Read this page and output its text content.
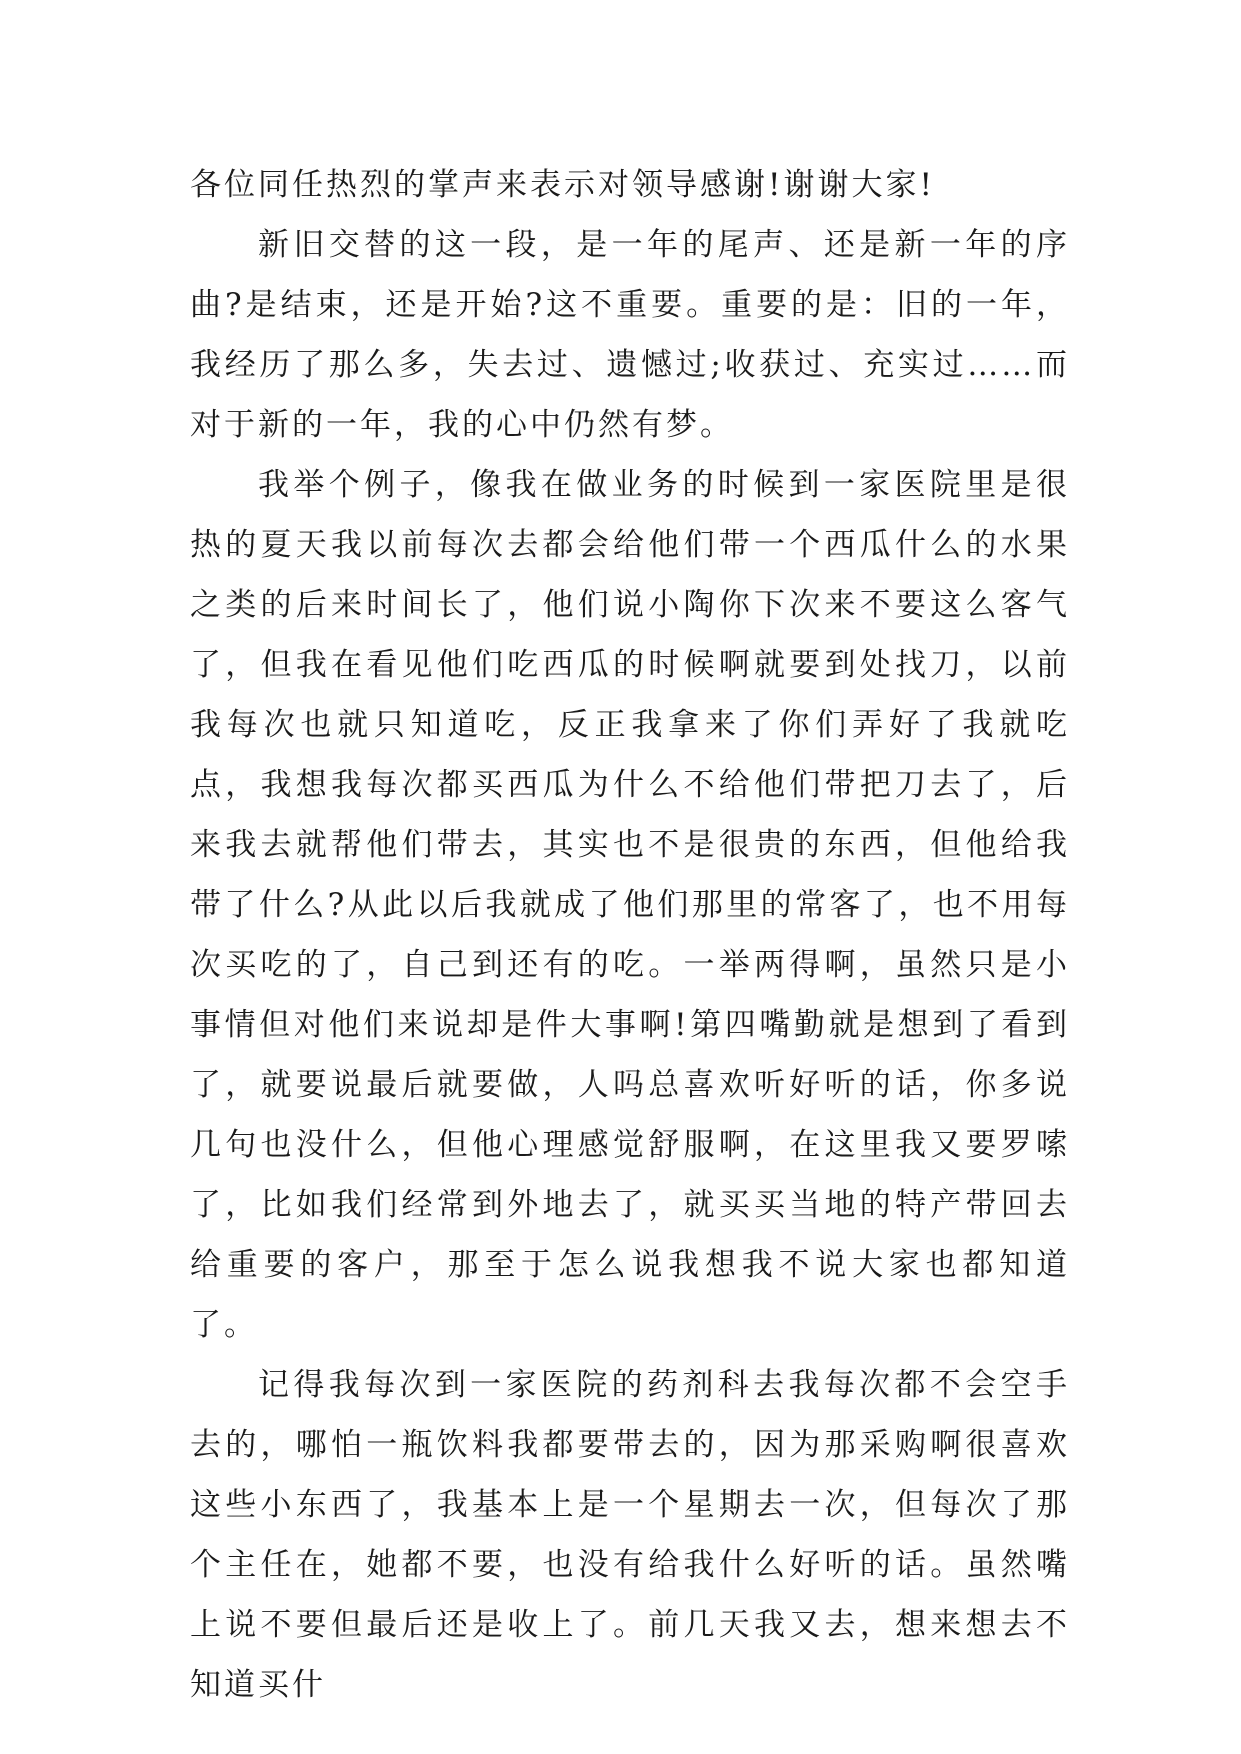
各位同任热烈的掌声来表示对领导感谢!谢谢大家!

新旧交替的这一段，是一年的尾声、还是新一年的序曲?是结束，还是开始?这不重要。重要的是：旧的一年，我经历了那么多，失去过、遗憾过;收获过、充实过……而对于新的一年，我的心中仍然有梦。

我举个例子，像我在做业务的时候到一家医院里是很热的夏天我以前每次去都会给他们带一个西瓜什么的水果之类的后来时间长了，他们说小陶你下次来不要这么客气了，但我在看见他们吃西瓜的时候啊就要到处找刀，以前我每次也就只知道吃，反正我拿来了你们弄好了我就吃点，我想我每次都买西瓜为什么不给他们带把刀去了，后来我去就帮他们带去，其实也不是很贵的东西，但他给我带了什么?从此以后我就成了他们那里的常客了，也不用每次买吃的了，自己到还有的吃。一举两得啊，虽然只是小事情但对他们来说却是件大事啊!第四嘴勤就是想到了看到了，就要说最后就要做，人吗总喜欢听好听的话，你多说几句也没什么，但他心理感觉舒服啊，在这里我又要罗嗦了，比如我们经常到外地去了，就买买当地的特产带回去给重要的客户，那至于怎么说我想我不说大家也都知道了。

记得我每次到一家医院的药剂科去我每次都不会空手去的，哪怕一瓶饮料我都要带去的，因为那采购啊很喜欢这些小东西了，我基本上是一个星期去一次，但每次了那个主任在，她都不要，也没有给我什么好听的话。虽然嘴上说不要但最后还是收上了。前几天我又去，想来想去不知道买什
